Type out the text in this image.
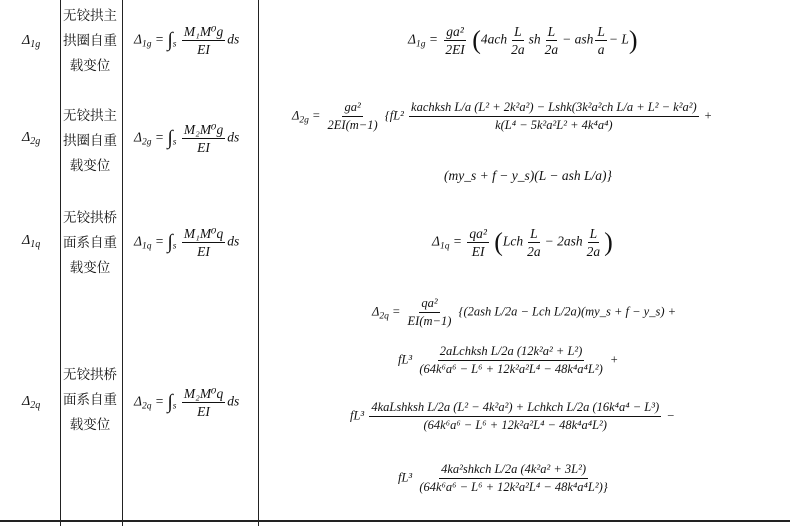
$\Delta_{1g}$
无铰拱主
拱圈自重
载变位
$\Delta_{1g} = \int_s \frac{\text{M₁M⁰g}}{EI}$ ds	$\Delta_{1g} = \frac{\text{ga²}}{2EI} (4ach \frac{L}{2a}$ sh $\frac{L}{2a}$ − ash $\frac{L}{a} - L$)
$\Delta_{2g}$
无铰拱主
拱圈自重
载变位
$\Delta_{2g} = \int_s \frac{\text{M₂M⁰g}}{EI}$ ds
$\Delta_{2g} = \frac{\text{ga²}}{2EI(m-1)} \{fL^2 \frac{\text{kachksh L/a (L² + 2k²a²) − Lshk(3k²a²ch L/a + L² − k²a²)}}{\text{k(L⁴ − 5k²a²L² + 4k⁴a⁴)}}$ +
(my_s + f − y_s)(L − ash L/a)}
$\Delta_{1q}$
无铰拱桥
面系自重
载变位
$\Delta_{1q} = \int_s \frac{\text{M₁M⁰q}}{EI}$ ds	$\Delta_{1q} = \frac{\text{qa²}}{EI} (Lch \frac{L}{2a} - 2ash \frac{L}{2a}$ )
$\Delta_{2q}$
无铰拱桥
面系自重
载变位
$\Delta_{2q} = \int_s \frac{\text{M₂M⁰q}}{EI}$ ds
$\Delta_{2q} = \frac{\text{qa²}}{EI(m-1)} \{(2ash$ L/2a − Lch L/2a)(my_s + f − y_s) +
$fL^3 \frac{\text{2aLchksh L/2a (12k²a² + L²)}}{\text{(64k⁶a⁶ − L⁶ + 12k²a²L⁴ − 48k⁴a⁴L²)}}$ +
$fL^3 \frac{\text{4kaLshksh L/2a (L² − 4k²a²) + Lchkch L/2a (16k⁴a⁴ − L³)}}{\text{(64k⁶a⁶ − L⁶ + 12k²a²L⁴ − 48k⁴a⁴L²)}}$ −
$fL^3 \frac{\text{4ka²shkch L/2a (4k²a² + 3L²)}}{\text{(64k⁶a⁶ − L⁶ + 12k²a²L⁴ − 48k⁴a⁴L²)\}}}$
